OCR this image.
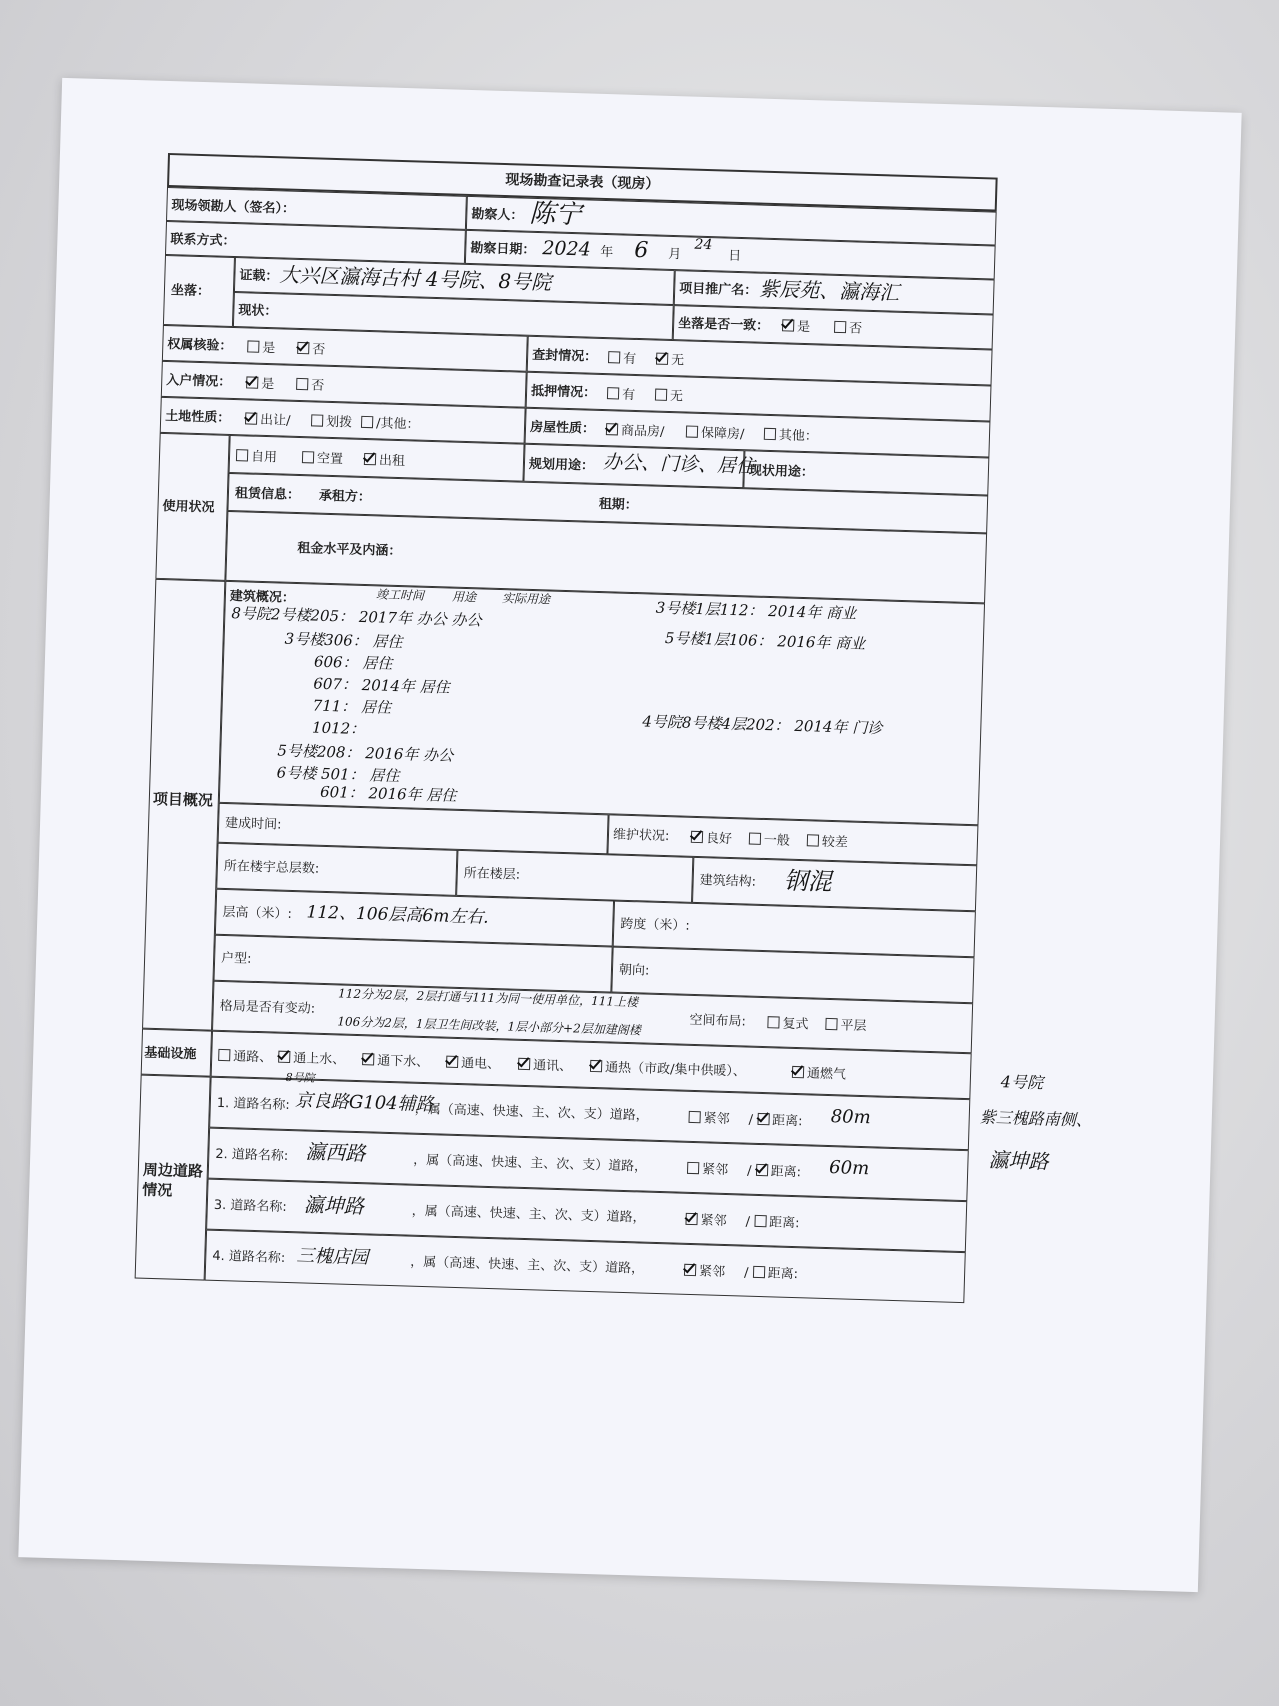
现场勘查记录表（现房）
现场领勘人（签名）：	勘察人： 陈宁
联系方式：
勘察日期： 2024 年 6 月
24
日
坐落：
证载： 大兴区瀛海古村 4号院、8号院	项目推广名： 紫辰苑、瀛海汇
现状：
坐落是否一致：	是	否
权属核验：	是	否	查封情况：	有	无
入户情况：	是	否	抵押情况：	有	无
土地性质：	出让/	划拨	/其他：	房屋性质：	商品房/	保障房/	其他：
使用状况
自用	空置	出租	规划用途： 办公、门诊、居住
现状用途：
租赁信息： 承租方：	租期：
租金水平及内涵：
项目概况
建筑概况：	竣工时间 用途 实际用途
8号院2号楼205： 2017年 办公 办公
3号楼306： 居住
606： 居住
607： 2014年 居住
711： 居住
1012：
5号楼208： 2016年 办公
6号楼 501： 居住
601： 2016年 居住
3号楼1层112： 2014年 商业
5号楼1层106： 2016年 商业
4号院8号楼4层202： 2014年 门诊
建成时间:
维护状况:	良好	一般	较差
所在楼宇总层数:	所在楼层:	建筑结构: 钢混
层高（米）: 112、106层高6m左右.	跨度（米）:
户型:
朝向:
格局是否有变动: 112分为2层，2层打通与111为同一使用单位，111上楼
106分为2层，1层卫生间改装，1层小部分+2层加建阁楼	空间布局:	复式	平层
基础设施	通路、	通上水、	通下水、	通电、	通讯、	通热（市政/集中供暖）、	通燃气
周边道路情况
1. 道路名称:
8号院
京良路G104辅路
，属（高速、快速、主、次、支）道路，	紧邻 / 距离: 80m
2. 道路名称: 瀛西路	，属（高速、快速、主、次、支）道路，	紧邻 / 距离: 60m
3. 道路名称: 瀛坤路	，属（高速、快速、主、次、支）道路，	紧邻 / 距离:
4. 道路名称: 三槐店园	，属（高速、快速、主、次、支）道路，	紧邻 / 距离:
4号院
紫三槐路南侧、
瀛坤路
